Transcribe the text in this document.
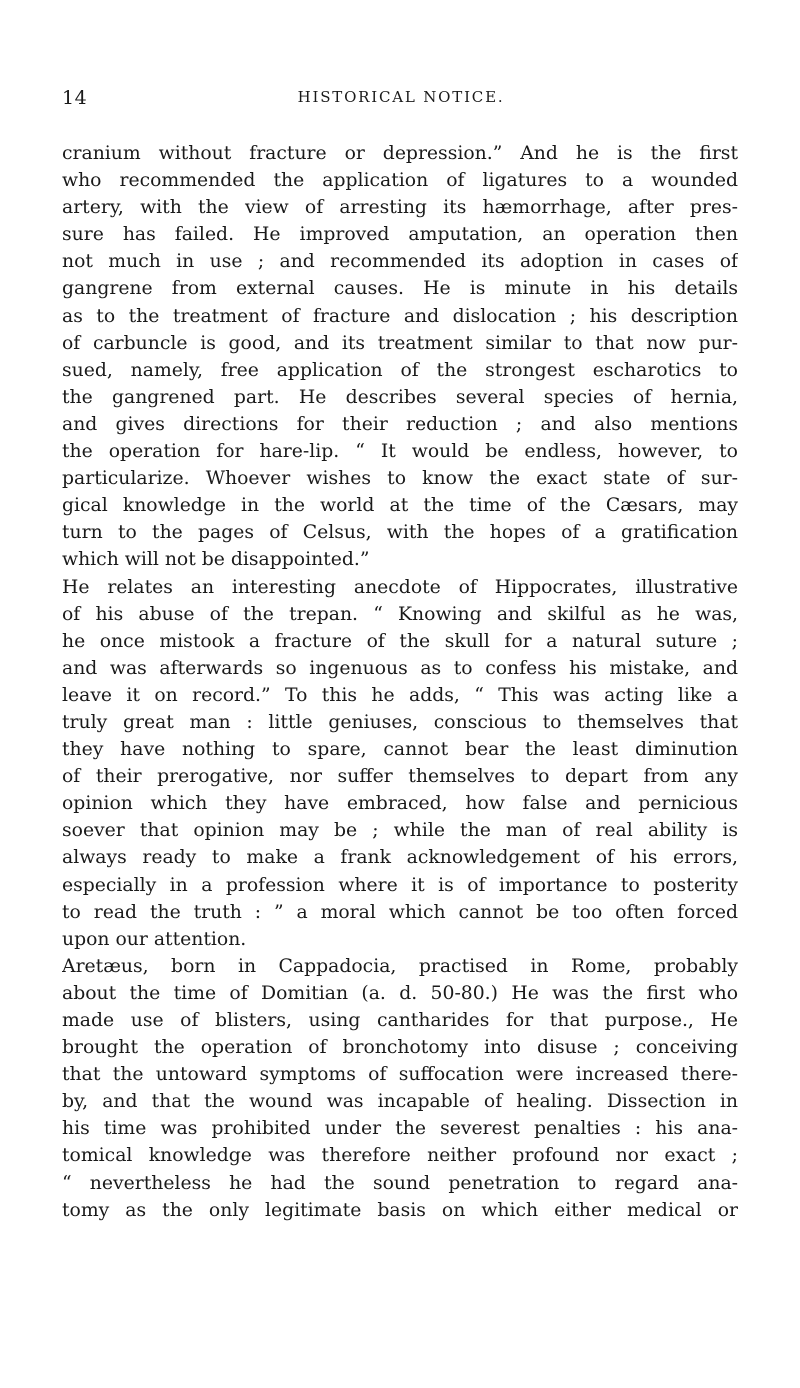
14	HISTORICAL NOTICE.
cranium without fracture or depression.” And he is the first
who recommended the application of ligatures to a wounded
artery, with the view of arresting its hæmorrhage, after pres-
sure has failed. He improved amputation, an operation then
not much in use ; and recommended its adoption in cases of
gangrene from external causes. He is minute in his details
as to the treatment of fracture and dislocation ; his description
of carbuncle is good, and its treatment similar to that now pur-
sued, namely, free application of the strongest escharotics to
the gangrened part. He describes several species of hernia,
and gives directions for their reduction ; and also mentions
the operation for hare-lip. “ It would be endless, however, to
particularize. Whoever wishes to know the exact state of sur-
gical knowledge in the world at the time of the Cæsars, may
turn to the pages of Celsus, with the hopes of a gratification
which will not be disappointed.”
He relates an interesting anecdote of Hippocrates, illustrative
of his abuse of the trepan. “ Knowing and skilful as he was,
he once mistook a fracture of the skull for a natural suture ;
and was afterwards so ingenuous as to confess his mistake, and
leave it on record.” To this he adds, “ This was acting like a
truly great man : little geniuses, conscious to themselves that
they have nothing to spare, cannot bear the least diminution
of their prerogative, nor suffer themselves to depart from any
opinion which they have embraced, how false and pernicious
soever that opinion may be ; while the man of real ability is
always ready to make a frank acknowledgement of his errors,
especially in a profession where it is of importance to posterity
to read the truth : ” a moral which cannot be too often forced
upon our attention.
Aretæus, born in Cappadocia, practised in Rome, probably
about the time of Domitian (a. d. 50-80.) He was the first who
made use of blisters, using cantharides for that purpose., He
brought the operation of bronchotomy into disuse ; conceiving
that the untoward symptoms of suffocation were increased there-
by, and that the wound was incapable of healing. Dissection in
his time was prohibited under the severest penalties : his ana-
tomical knowledge was therefore neither profound nor exact ;
“ nevertheless he had the sound penetration to regard ana-
tomy as the only legitimate basis on which either medical or
